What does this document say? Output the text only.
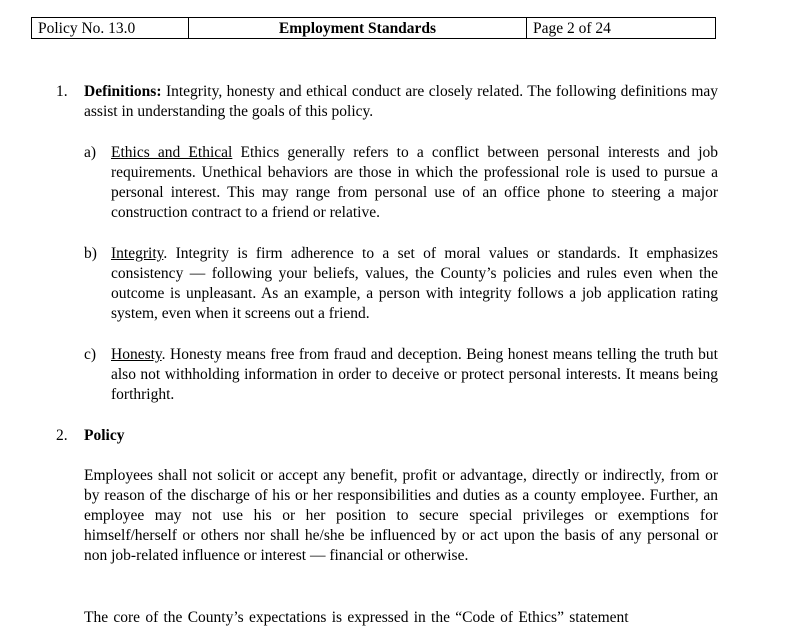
Policy No. 13.0	Employment Standards	Page 2 of 24
1. Definitions: Integrity, honesty and ethical conduct are closely related. The following definitions may assist in understanding the goals of this policy.

a) Ethics and Ethical Ethics generally refers to a conflict between personal interests and job requirements. Unethical behaviors are those in which the professional role is used to pursue a personal interest. This may range from personal use of an office phone to steering a major construction contract to a friend or relative.

b) Integrity. Integrity is firm adherence to a set of moral values or standards. It emphasizes consistency — following your beliefs, values, the County’s policies and rules even when the outcome is unpleasant. As an example, a person with integrity follows a job application rating system, even when it screens out a friend.

c) Honesty. Honesty means free from fraud and deception. Being honest means telling the truth but also not withholding information in order to deceive or protect personal interests. It means being forthright.

2. Policy

Employees shall not solicit or accept any benefit, profit or advantage, directly or indirectly, from or by reason of the discharge of his or her responsibilities and duties as a county employee. Further, an employee may not use his or her position to secure special privileges or exemptions for himself/herself or others nor shall he/she be influenced by or act upon the basis of any personal or non job-related influence or interest — financial or otherwise.

The core of the County’s expectations is expressed in the “Code of Ethics” statement
